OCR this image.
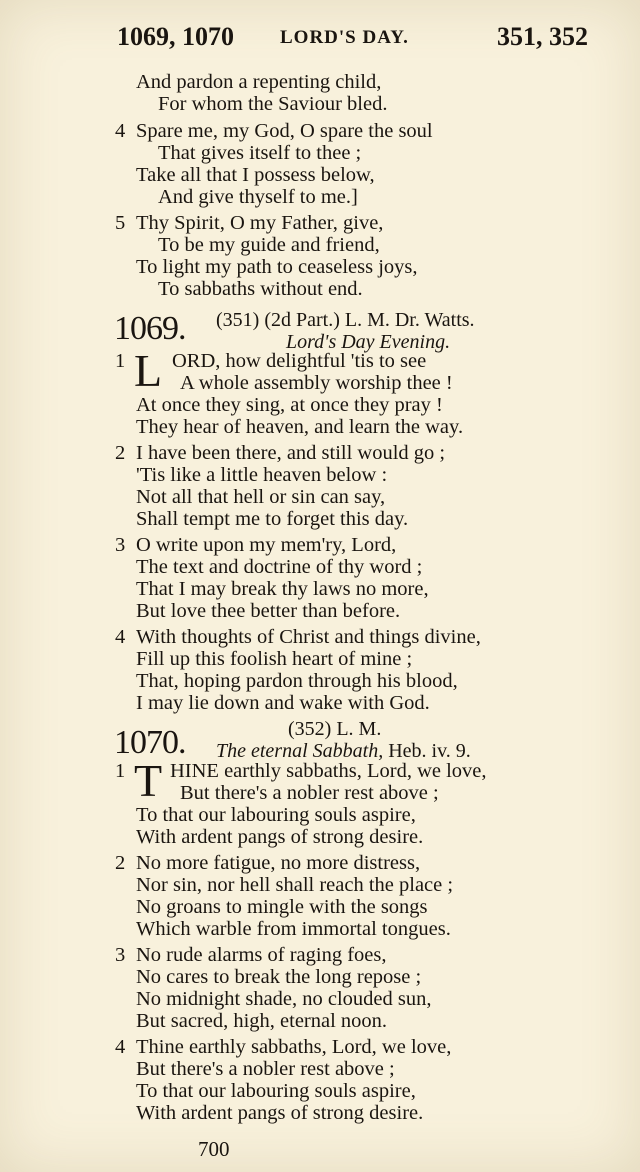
1069, 1070 LORD'S DAY.	351, 352
And pardon a repenting child,
For whom the Saviour bled.
4 Spare me, my God, O spare the soul
That gives itself to thee ;
Take all that I possess below,
And give thyself to me.]
5 Thy Spirit, O my Father, give,
To be my guide and friend,
To light my path to ceaseless joys,
To sabbaths without end.
1069. (351) (2d Part.) L. M. Dr. Watts.
Lord's Day Evening.
1 L ORD, how delightful 'tis to see
A whole assembly worship thee !
At once they sing, at once they pray !
They hear of heaven, and learn the way.
2 I have been there, and still would go ;
'Tis like a little heaven below :
Not all that hell or sin can say,
Shall tempt me to forget this day.
3 O write upon my mem'ry, Lord,
The text and doctrine of thy word ;
That I may break thy laws no more,
But love thee better than before.
4 With thoughts of Christ and things divine,
Fill up this foolish heart of mine ;
That, hoping pardon through his blood,
I may lie down and wake with God.
1070.	(352) L. M.
The eternal Sabbath, Heb. iv. 9.
1 T HINE earthly sabbaths, Lord, we love,
But there's a nobler rest above ;
To that our labouring souls aspire,
With ardent pangs of strong desire.
2 No more fatigue, no more distress,
Nor sin, nor hell shall reach the place ;
No groans to mingle with the songs
Which warble from immortal tongues.
3 No rude alarms of raging foes,
No cares to break the long repose ;
No midnight shade, no clouded sun,
But sacred, high, eternal noon.
4 Thine earthly sabbaths, Lord, we love,
But there's a nobler rest above ;
To that our labouring souls aspire,
With ardent pangs of strong desire.
700
